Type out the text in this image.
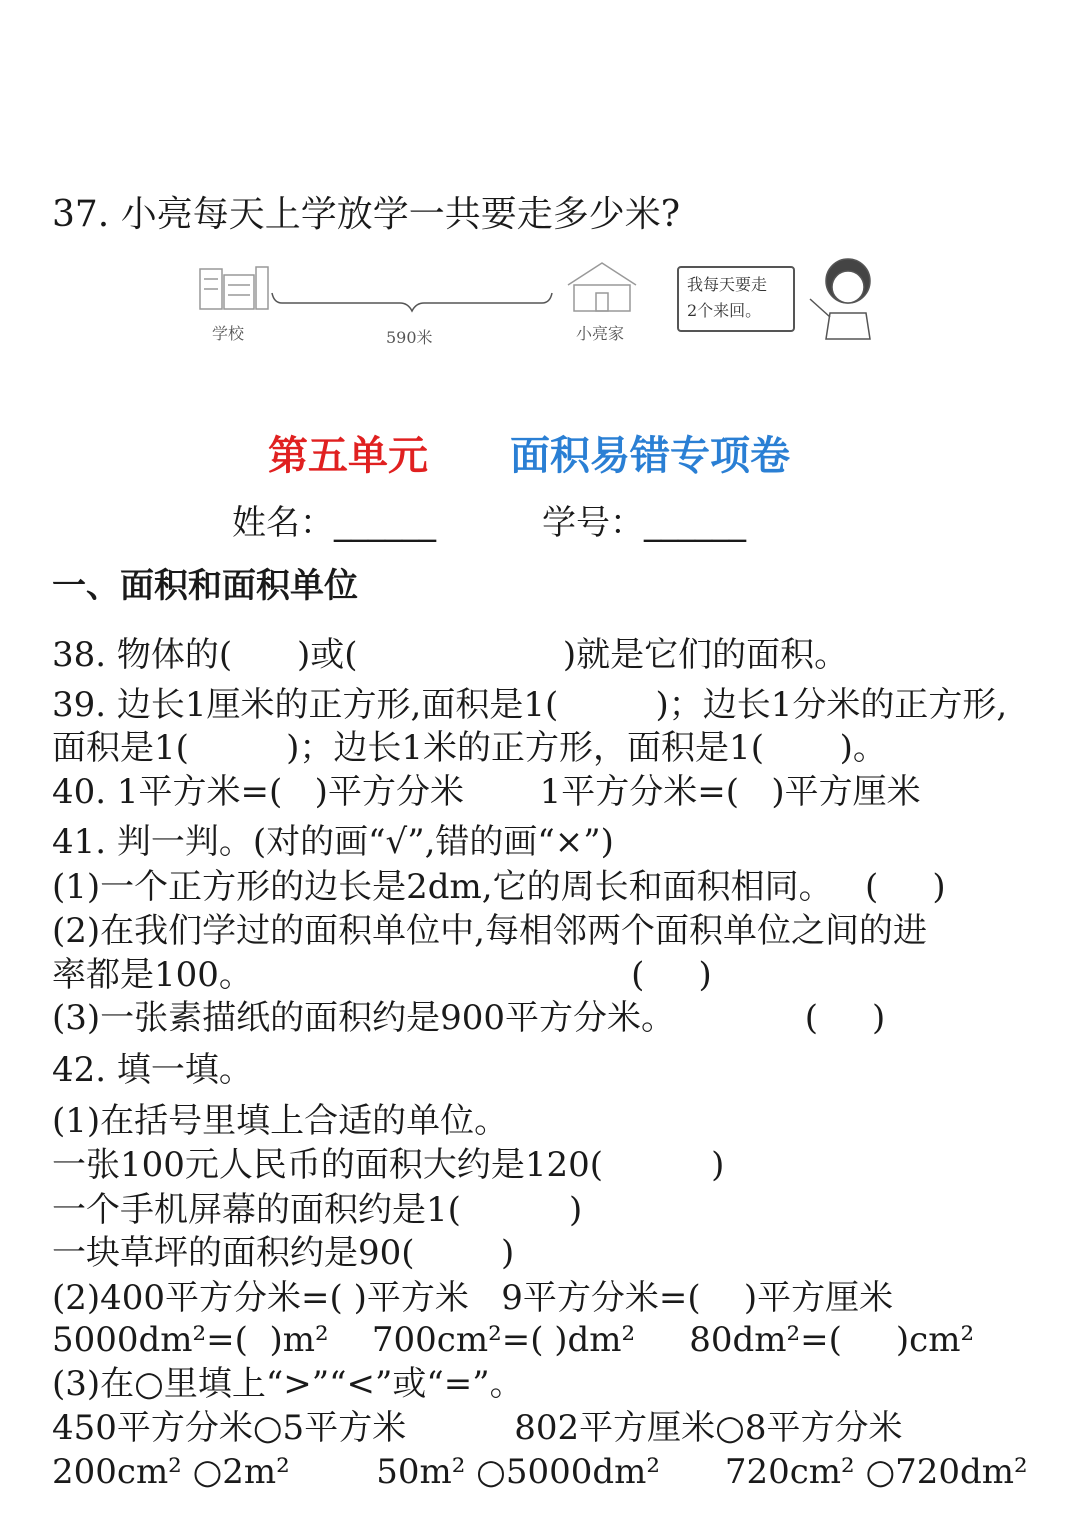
37. 小亮每天上学放学一共要走多少米?
学校	590米	小亮家
我每天要走
2个来回。
第五单元 面积易错专项卷
姓名：______	学号：______
一、面积和面积单位
38. 物体的(      )或(                   )就是它们的面积。
39. 边长1厘米的正方形,面积是1(         )；边长1分米的正方形,
面积是1(         )；边长1米的正方形，面积是1(       )。
40. 1平方米=(   )平方分米       1平方分米=(   )平方厘米
41. 判一判。(对的画“√”,错的画“×”)
(1)一个正方形的边长是2dm,它的周长和面积相同。   (     )
(2)在我们学过的面积单位中,每相邻两个面积单位之间的进
率都是100。                                   (     )
(3)一张素描纸的面积约是900平方分米。            (     )
42. 填一填。
(1)在括号里填上合适的单位。
一张100元人民币的面积大约是120(          )
一个手机屏幕的面积约是1(          )
一块草坪的面积约是90(        )
(2)400平方分米=( )平方米   9平方分米=(    )平方厘米
5000dm²=(  )m²    700cm²=( )dm²     80dm²=(     )cm²
(3)在○里填上“>”“<”或“=”。
450平方分米○5平方米          802平方厘米○8平方分米
200cm² ○2m²        50m² ○5000dm²      720cm² ○720dm²
